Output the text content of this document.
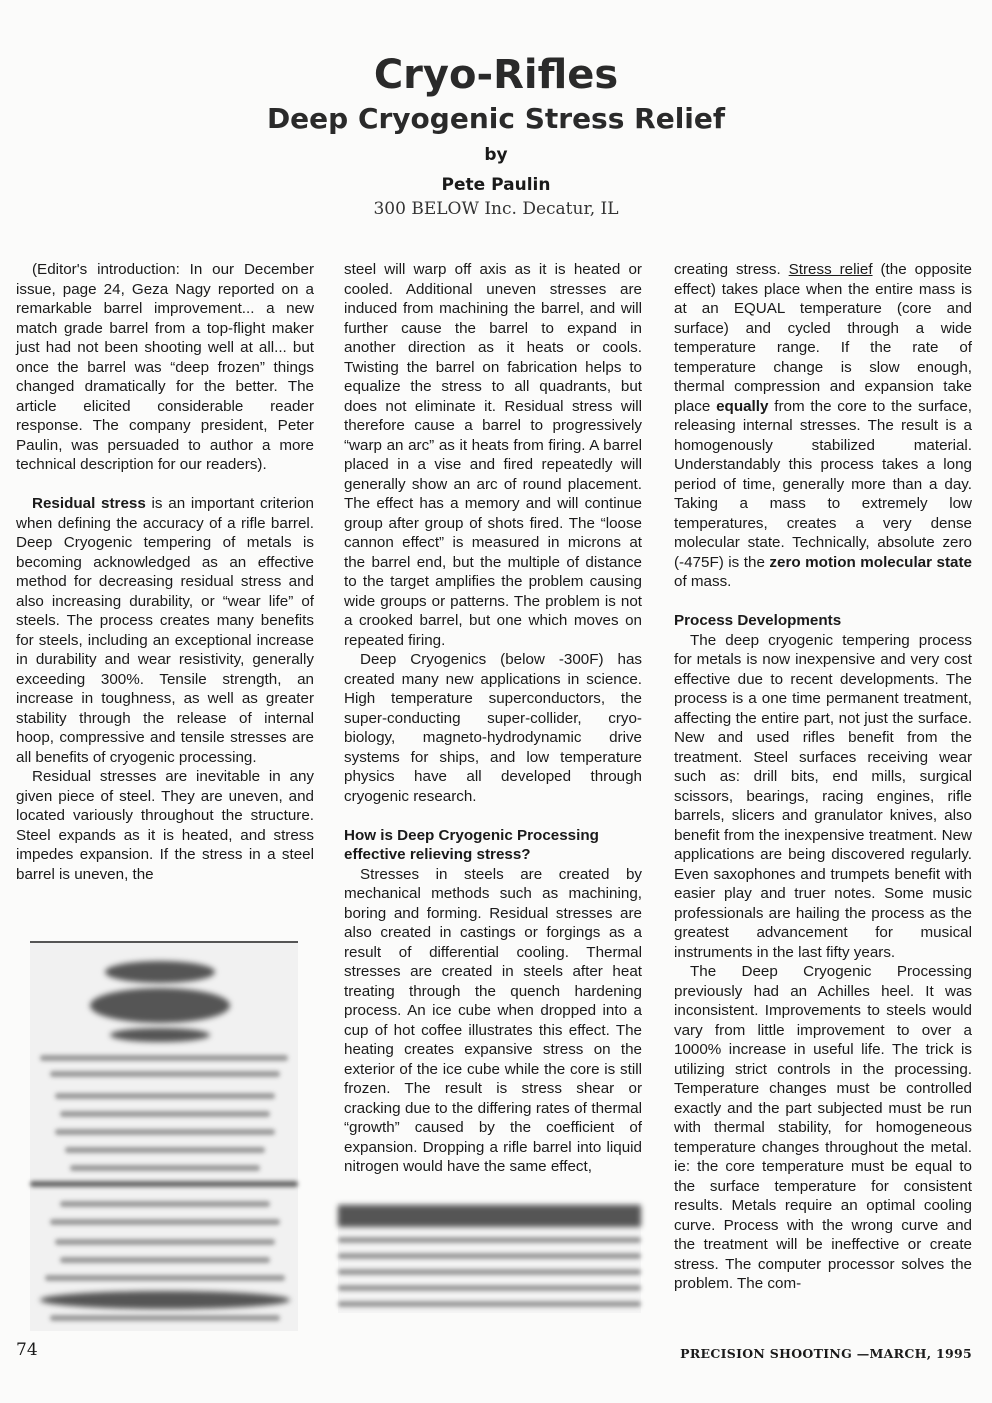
Cryo-Rifles
Deep Cryogenic Stress Relief
by
Pete Paulin
300 BELOW Inc. Decatur, IL

(Editor's introduction: In our December issue, page 24, Geza Nagy reported on a remarkable barrel improvement... a new match grade barrel from a top-flight maker just had not been shooting well at all... but once the barrel was “deep frozen” things changed dramatically for the better. The article elicited considerable reader response. The company president, Peter Paulin, was persuaded to author a more technical description for our readers).

Residual stress is an important criterion when defining the accuracy of a rifle barrel. Deep Cryogenic tempering of metals is becoming acknowledged as an effective method for decreasing residual stress and also increasing durability, or “wear life” of steels. The process creates many benefits for steels, including an exceptional increase in durability and wear resistivity, generally exceeding 300%. Tensile strength, an increase in toughness, as well as greater stability through the release of internal hoop, compressive and tensile stresses are all benefits of cryogenic processing.

Residual stresses are inevitable in any given piece of steel. They are uneven, and located variously throughout the structure. Steel expands as it is heated, and stress impedes expansion. If the stress in a steel barrel is uneven, the

steel will warp off axis as it is heated or cooled. Additional uneven stresses are induced from machining the barrel, and will further cause the barrel to expand in another direction as it heats or cools. Twisting the barrel on fabrication helps to equalize the stress to all quadrants, but does not eliminate it. Residual stress will therefore cause a barrel to progressively “warp an arc” as it heats from firing. A barrel placed in a vise and fired repeatedly will generally show an arc of round placement. The effect has a memory and will continue group after group of shots fired. The “loose cannon effect” is measured in microns at the barrel end, but the multiple of distance to the target amplifies the problem causing wide groups or patterns. The problem is not a crooked barrel, but one which moves on repeated firing.

Deep Cryogenics (below -300F) has created many new applications in science. High temperature superconductors, the super-conducting super-collider, cryo-biology, magneto-hydrodynamic drive systems for ships, and low temperature physics have all developed through cryogenic research.

How is Deep Cryogenic Processing effective relieving stress?

Stresses in steels are created by mechanical methods such as machining, boring and forming. Residual stresses are also created in castings or forgings as a result of differential cooling. Thermal stresses are created in steels after heat treating through the quench hardening process. An ice cube when dropped into a cup of hot coffee illustrates this effect. The heating creates expansive stress on the exterior of the ice cube while the core is still frozen. The result is stress shear or cracking due to the differing rates of thermal “growth” caused by the coefficient of expansion. Dropping a rifle barrel into liquid nitrogen would have the same effect,

creating stress. Stress relief (the opposite effect) takes place when the entire mass is at an EQUAL temperature (core and surface) and cycled through a wide temperature range. If the rate of temperature change is slow enough, thermal compression and expansion take place equally from the core to the surface, releasing internal stresses. The result is a homogenously stabilized material. Understandably this process takes a long period of time, generally more than a day. Taking a mass to extremely low temperatures, creates a very dense molecular state. Technically, absolute zero (-475F) is the zero motion molecular state of mass.

Process Developments

The deep cryogenic tempering process for metals is now inexpensive and very cost effective due to recent developments. The process is a one time permanent treatment, affecting the entire part, not just the surface. New and used rifles benefit from the treatment. Steel surfaces receiving wear such as: drill bits, end mills, surgical scissors, bearings, racing engines, rifle barrels, slicers and granulator knives, also benefit from the inexpensive treatment. New applications are being discovered regularly. Even saxophones and trumpets benefit with easier play and truer notes. Some music professionals are hailing the process as the greatest advancement for musical instruments in the last fifty years.

The Deep Cryogenic Processing previously had an Achilles heel. It was inconsistent. Improvements to steels would vary from little improvement to over a 1000% increase in useful life. The trick is utilizing strict controls in the processing. Temperature changes must be controlled exactly and the part subjected must be run with thermal stability, for homogeneous temperature changes throughout the metal. ie: the core temperature must be equal to the surface temperature for consistent results. Metals require an optimal cooling curve. Process with the wrong curve and the treatment will be ineffective or create stress. The computer processor solves the problem. The com-

74	PRECISION SHOOTING —MARCH, 1995
